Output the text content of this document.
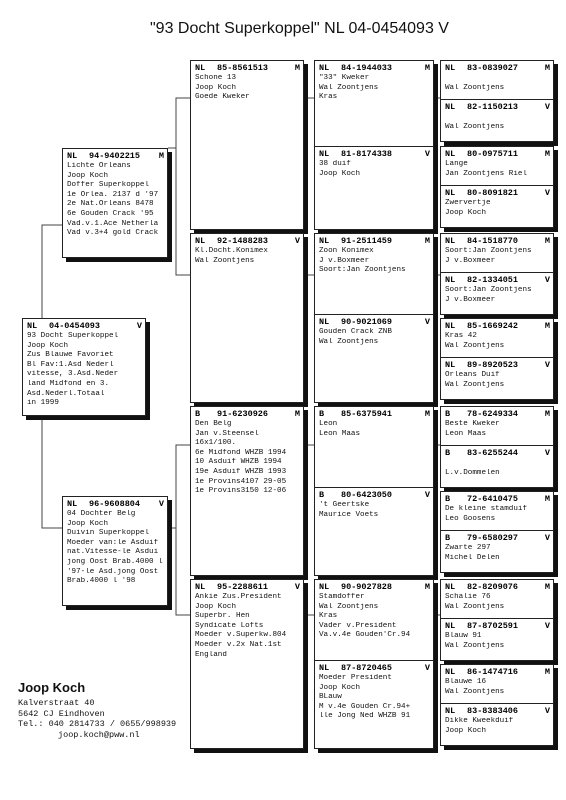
"93 Docht Superkoppel" NL 04-0454093 V
NL	04-0454093	V
93 Docht Superkoppel
Joop Koch
Zus Blauwe Favoriet
Bl Fav:1.Asd Nederl
vitesse, 3.Asd.Neder
land Midfond en 3.
Asd.Nederl.Totaal
in 1999
NL	94-9402215	M
Lichte Orleans
Joop Koch
Doffer Superkoppel
1e Orlea. 2137 d '97
2e Nat.Orleans 8478
6e Gouden Crack '95
Vad.v.1.Ace Netherla
Vad v.3+4 gold Crack
NL	96-9608804	V
04 Dochter Belg
Joop Koch
Duivin Superkoppel
Moeder van:le Asduif
nat.Vitesse-le Asdui
jong Oost Brab.4000 l
'97-le Asd.jong Oost
Brab.4000 l '98
NL	85-8561513	M
Schone 13
Joop Koch
Goede Kweker
NL	92-1488283	V
Kl.Docht.Konimex
Wal Zoontjens
B	91-6230926	M
Den Belg
Jan v.Steensel
16x1/100.
6e Midfond WHZB 1994
10 Asduif WHZB 1994
19e Asduif WHZB 1993
1e Provins4107 29-05
1e Provins3150 12-06
NL	95-2288611	V
Ankie Zus.President
Joop Koch
Superbr. Hen
Syndicate Lofts
Moeder v.Superkw.804
Moeder v.2x Nat.1st
England
NL	84-1944033	M
"33" Kweker
Wal Zoontjens
Kras
NL	81-8174338	V
38 duif
Joop Koch
NL	91-2511459	M
Zoon Konimex
J v.Boxmeer
Soort:Jan Zoontjens
NL	90-9021069	V
Gouden Crack ZNB
Wal Zoontjens
B	85-6375941	M
Leon
Leon Maas
B	80-6423050	V
't Geertske
Maurice Voets
NL	90-9027828	M
Stamdoffer
Wal Zoontjens
Kras
Vader v.President
Va.v.4e Gouden'Cr.94
NL	87-8720465	V
Moeder President
Joop Koch
BLauw
M v.4e Gouden Cr.94+
lle Jong Ned WHZB 91
NL	83-0839027	M
Wal Zoontjens
NL	82-1150213	V
Wal Zoontjens
NL	80-0975711	M
Lange
Jan Zoontjens Riel
NL	80-8091821	V
Zwervertje
Joop Koch
NL	84-1518770	M
Soort:Jan Zoontjens
J v.Boxmeer
NL	82-1334051	V
Soort:Jan Zoontjens
J v.Boxmeer
NL	85-1669242	M
Kras 42
Wal Zoontjens
NL	89-8920523	V
Orleans Duif
Wal Zoontjens
B	78-6249334	M
Beste Kweker
Leon Maas
B	83-6255244	V
L.v.Dommelen
B	72-6410475	M
De kleine stamduif
Leo Goosens
B	79-6580297	V
Zwarte 297
Michel Delen
NL	82-8209076	M
Schalie 76
Wal Zoontjens
NL	87-8702591	V
Blauw 91
Wal Zoontjens
NL	86-1474716	M
Blauwe 16
Wal Zoontjens
NL	83-8383406	V
Dikke Kweekduif
Joop Koch
Joop Koch
Kalverstraat 40
5642 CJ Eindhoven
Tel.: 040 2814733 / 0655/998939
joop.koch@pww.nl
